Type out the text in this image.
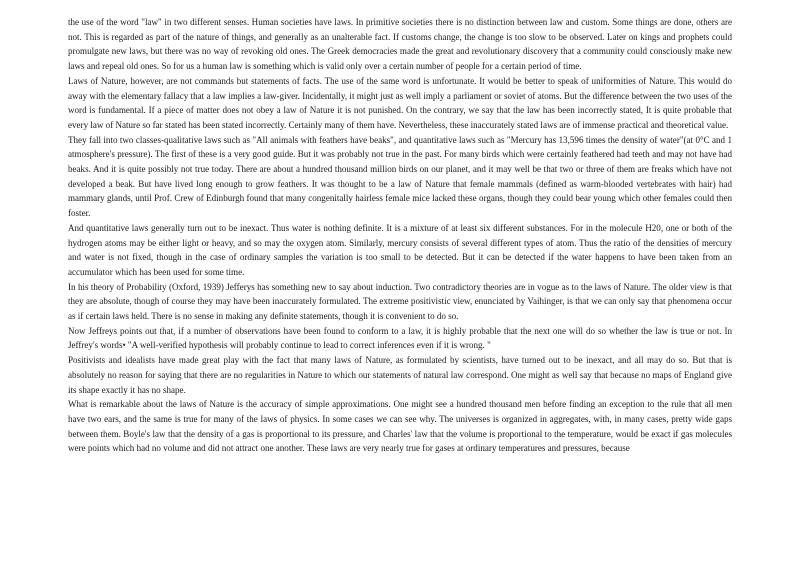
the use of the word "law" in two different senses. Human societies have laws. In primitive societies there is no distinction between law and custom. Some things are done, others are not. This is regarded as part of the nature of things, and generally as an unalterable fact. If customs change, the change is too slow to be observed. Later on kings and prophets could promulgate new laws, but there was no way of revoking old ones. The Greek democracies made the great and revolutionary discovery that a community could consciously make new laws and repeal old ones. So for us a human law is something which is valid only over a certain number of people for a certain period of time.

Laws of Nature, however, are not commands but statements of facts. The use of the same word is unfortunate. It would be better to speak of uniformities of Nature. This would do away with the elementary fallacy that a law implies a law-giver. Incidentally, it might just as well imply a parliament or soviet of atoms. But the difference between the two uses of the word is fundamental. If a piece of matter does not obey a law of Nature it is not punished. On the contrary, we say that the law has been incorrectly stated, It is quite probable that every law of Nature so far stated has been stated incorrectly. Certainly many of them have. Nevertheless, these inaccurately stated laws are of immense practical and theoretical value.

They fall into two classes-qualitative laws such as "All animals with feathers have beaks", and quantitative laws such as "Mercury has 13,596 times the density of water"(at 0°C and 1 atmosphere's pressure). The first of these is a very good guide. But it was probably not true in the past. For many birds which were certainly feathered had teeth and may not have had beaks. And it is quite possibly not true today. There are about a hundred thousand million birds on our planet, and it may well be that two or three of them are freaks which have not developed a beak. But have lived long enough to grow feathers. It was thought to be a law of Nature that female mammals (defined as warm-blooded vertebrates with hair) had mammary glands, until Prof. Crew of Edinburgh found that many congenitally hairless female mice lacked these organs, though they could bear young which other females could then foster.

And quantitative laws generally turn out to be inexact. Thus water is nothing definite. It is a mixture of at least six different substances. For in the molecule H20, one or both of the hydrogen atoms may be either light or heavy, and so may the oxygen atom. Similarly, mercury consists of several different types of atom. Thus the ratio of the densities of mercury and water is not fixed, though in the case of ordinary samples the variation is too small to be detected. But it can be detected if the water happens to have been taken from an accumulator which has been used for some time.

In his theory of Probability (Oxford, 1939) Jefferys has something new to say about induction. Two contradictory theories are in vogue as to the laws of Nature. The older view is that they are absolute, though of course they may have been inaccurately formulated. The extreme positivistic view, enunciated by Vaihinger, is that we can only say that phenomena occur as if certain laws held. There is no sense in making any definite statements, though it is convenient to do so.

Now Jeffreys points out that, if a number of observations have been found to conform to a law, it is highly probable that the next one will do so whether the law is true or not. In Jeffrey's words• "A well-verified hypothesis will probably continue to lead to correct inferences even if it is wrong. "

Positivists and idealists have made great play with the fact that many laws of Nature, as formulated by scientists, have turned out to be inexact, and all may do so. But that is absolutely no reason for saying that there are no regularities in Nature to which our statements of natural law correspond. One might as well say that because no maps of England give its shape exactly it has no shape.

What is remarkable about the laws of Nature is the accuracy of simple approximations. One might see a hundred thousand men before finding an exception to the rule that all men have two ears, and the same is true for many of the laws of physics. In some cases we can see why. The universes is organized in aggregates, with, in many cases, pretty wide gaps between them. Boyle's law that the density of a gas is proportional to its pressure, and Charles' law that the volume is proportional to the temperature, would be exact if gas molecules were points which had no volume and did not attract one another. These laws are very nearly true for gases at ordinary temperatures and pressures, because
